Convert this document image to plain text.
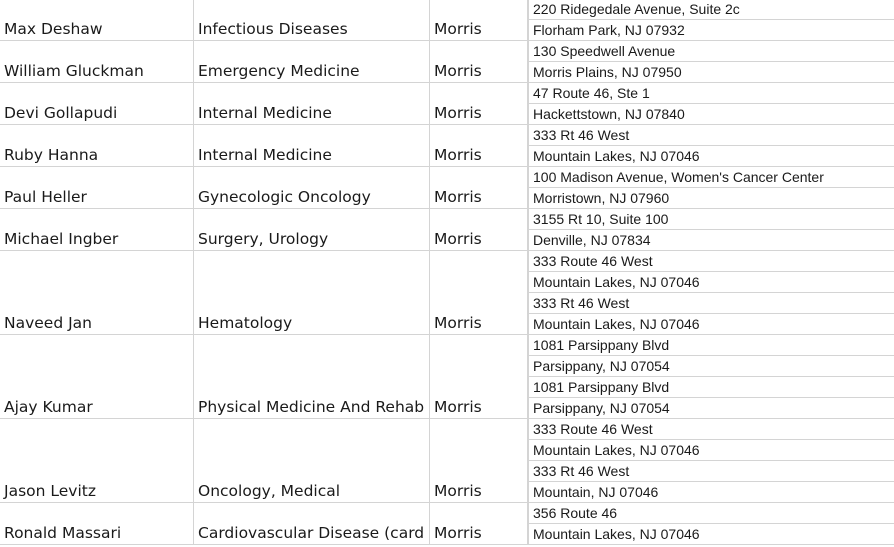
Max Deshaw	Infectious Diseases	Morris
220 Ridegedale Avenue, Suite 2c
Florham Park, NJ 07932
William Gluckman	Emergency Medicine	Morris
130 Speedwell Avenue
Morris Plains, NJ 07950
Devi Gollapudi	Internal Medicine	Morris
47 Route 46, Ste 1
Hackettstown, NJ 07840
Ruby Hanna	Internal Medicine	Morris
333 Rt 46 West
Mountain Lakes, NJ 07046
Paul Heller	Gynecologic Oncology	Morris
100 Madison Avenue, Women's Cancer Center
Morristown, NJ 07960
Michael Ingber	Surgery, Urology	Morris
3155 Rt 10, Suite 100
Denville, NJ 07834
Naveed Jan	Hematology	Morris
333 Route 46 West
Mountain Lakes, NJ 07046
333 Rt 46 West
Mountain Lakes, NJ 07046
Ajay Kumar	Physical Medicine And Rehab Morris
1081 Parsippany Blvd
Parsippany, NJ 07054
1081 Parsippany Blvd
Parsippany, NJ 07054
Jason Levitz	Oncology, Medical	Morris
333 Route 46 West
Mountain Lakes, NJ 07046
333 Rt 46 West
Mountain, NJ 07046
Ronald Massari	Cardiovascular Disease (card Morris
356 Route 46
Mountain Lakes, NJ 07046
